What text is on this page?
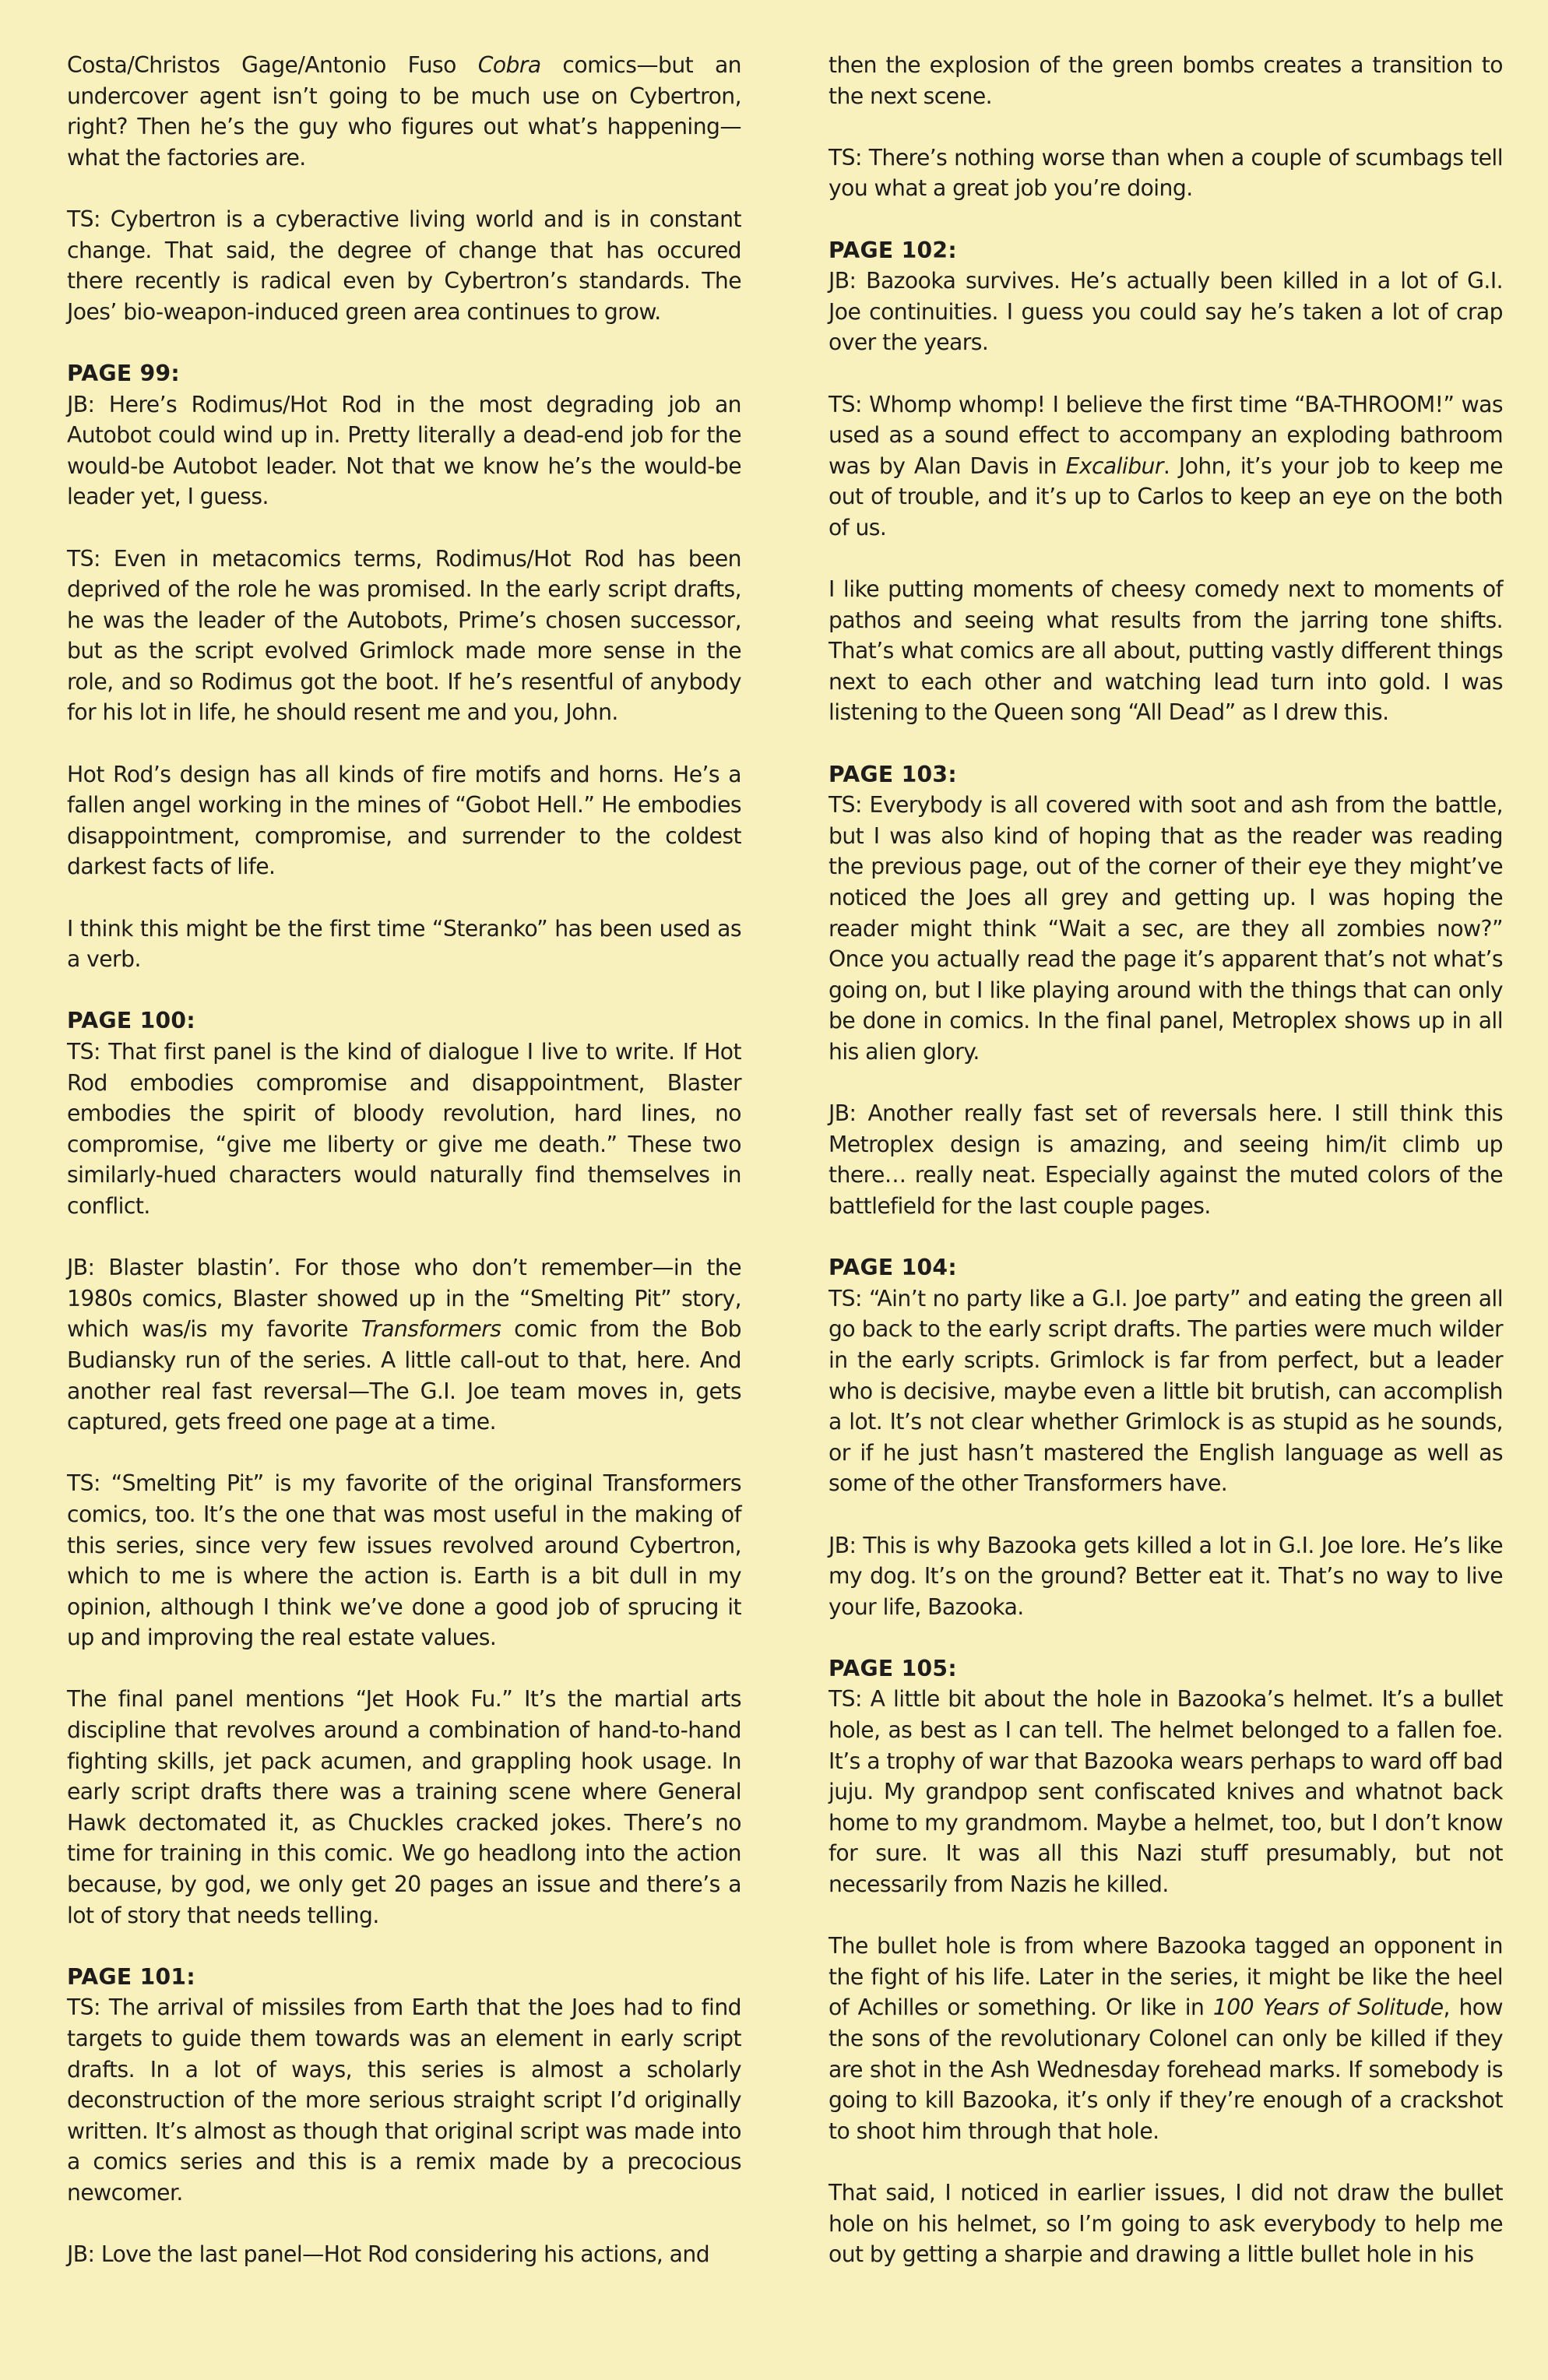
Costa/Christos Gage/Antonio Fuso Cobra comics—but an undercover agent isn’t going to be much use on Cybertron, right? Then he’s the guy who figures out what’s happening—what the factories are.

TS: Cybertron is a cyberactive living world and is in constant change. That said, the degree of change that has occured there recently is radical even by Cybertron’s standards. The Joes’ bio-weapon-induced green area continues to grow.

PAGE 99:

JB: Here’s Rodimus/Hot Rod in the most degrading job an Autobot could wind up in. Pretty literally a dead-end job for the would-be Autobot leader. Not that we know he’s the would-be leader yet, I guess.

TS: Even in metacomics terms, Rodimus/Hot Rod has been deprived of the role he was promised. In the early script drafts, he was the leader of the Autobots, Prime’s chosen successor, but as the script evolved Grimlock made more sense in the role, and so Rodimus got the boot. If he’s resentful of anybody for his lot in life, he should resent me and you, John.

Hot Rod’s design has all kinds of fire motifs and horns. He’s a fallen angel working in the mines of “Gobot Hell.” He embodies disappointment, compromise, and surrender to the coldest darkest facts of life.

I think this might be the first time “Steranko” has been used as a verb.

PAGE 100:

TS: That first panel is the kind of dialogue I live to write. If Hot Rod embodies compromise and disappointment, Blaster embodies the spirit of bloody revolution, hard lines, no compromise, “give me liberty or give me death.” These two similarly-hued characters would naturally find themselves in conflict.

JB: Blaster blastin’. For those who don’t remember—in the 1980s comics, Blaster showed up in the “Smelting Pit” story, which was/is my favorite Transformers comic from the Bob Budiansky run of the series. A little call-out to that, here. And another real fast reversal—The G.I. Joe team moves in, gets captured, gets freed one page at a time.

TS: “Smelting Pit” is my favorite of the original Transformers comics, too. It’s the one that was most useful in the making of this series, since very few issues revolved around Cybertron, which to me is where the action is. Earth is a bit dull in my opinion, although I think we’ve done a good job of sprucing it up and improving the real estate values.

The final panel mentions “Jet Hook Fu.” It’s the martial arts discipline that revolves around a combination of hand-to-hand fighting skills, jet pack acumen, and grappling hook usage. In early script drafts there was a training scene where General Hawk dectomated it, as Chuckles cracked jokes. There’s no time for training in this comic. We go headlong into the action because, by god, we only get 20 pages an issue and there’s a lot of story that needs telling.

PAGE 101:

TS: The arrival of missiles from Earth that the Joes had to find targets to guide them towards was an element in early script drafts. In a lot of ways, this series is almost a scholarly deconstruction of the more serious straight script I’d originally written. It’s almost as though that original script was made into a comics series and this is a remix made by a precocious newcomer.

JB: Love the last panel—Hot Rod considering his actions, and

then the explosion of the green bombs creates a transition to the next scene.

TS: There’s nothing worse than when a couple of scumbags tell you what a great job you’re doing.

PAGE 102:

JB: Bazooka survives. He’s actually been killed in a lot of G.I. Joe continuities. I guess you could say he’s taken a lot of crap over the years.

TS: Whomp whomp! I believe the first time “BA-THROOM!” was used as a sound effect to accompany an exploding bathroom was by Alan Davis in Excalibur. John, it’s your job to keep me out of trouble, and it’s up to Carlos to keep an eye on the both of us.

I like putting moments of cheesy comedy next to moments of pathos and seeing what results from the jarring tone shifts. That’s what comics are all about, putting vastly different things next to each other and watching lead turn into gold. I was listening to the Queen song “All Dead” as I drew this.

PAGE 103:

TS: Everybody is all covered with soot and ash from the battle, but I was also kind of hoping that as the reader was reading the previous page, out of the corner of their eye they might’ve noticed the Joes all grey and getting up. I was hoping the reader might think “Wait a sec, are they all zombies now?” Once you actually read the page it’s apparent that’s not what’s going on, but I like playing around with the things that can only be done in comics. In the final panel, Metroplex shows up in all his alien glory.

JB: Another really fast set of reversals here. I still think this Metroplex design is amazing, and seeing him/it climb up there… really neat. Especially against the muted colors of the battlefield for the last couple pages.

PAGE 104:

TS: “Ain’t no party like a G.I. Joe party” and eating the green all go back to the early script drafts. The parties were much wilder in the early scripts. Grimlock is far from perfect, but a leader who is decisive, maybe even a little bit brutish, can accomplish a lot. It’s not clear whether Grimlock is as stupid as he sounds, or if he just hasn’t mastered the English language as well as some of the other Transformers have.

JB: This is why Bazooka gets killed a lot in G.I. Joe lore. He’s like my dog. It’s on the ground? Better eat it. That’s no way to live your life, Bazooka.

PAGE 105:

TS: A little bit about the hole in Bazooka’s helmet. It’s a bullet hole, as best as I can tell. The helmet belonged to a fallen foe. It’s a trophy of war that Bazooka wears perhaps to ward off bad juju. My grandpop sent confiscated knives and whatnot back home to my grandmom. Maybe a helmet, too, but I don’t know for sure. It was all this Nazi stuff presumably, but not necessarily from Nazis he killed.

The bullet hole is from where Bazooka tagged an opponent in the fight of his life. Later in the series, it might be like the heel of Achilles or something. Or like in 100 Years of Solitude, how the sons of the revolutionary Colonel can only be killed if they are shot in the Ash Wednesday forehead marks. If somebody is going to kill Bazooka, it’s only if they’re enough of a crackshot to shoot him through that hole.

That said, I noticed in earlier issues, I did not draw the bullet hole on his helmet, so I’m going to ask everybody to help me out by getting a sharpie and drawing a little bullet hole in his
